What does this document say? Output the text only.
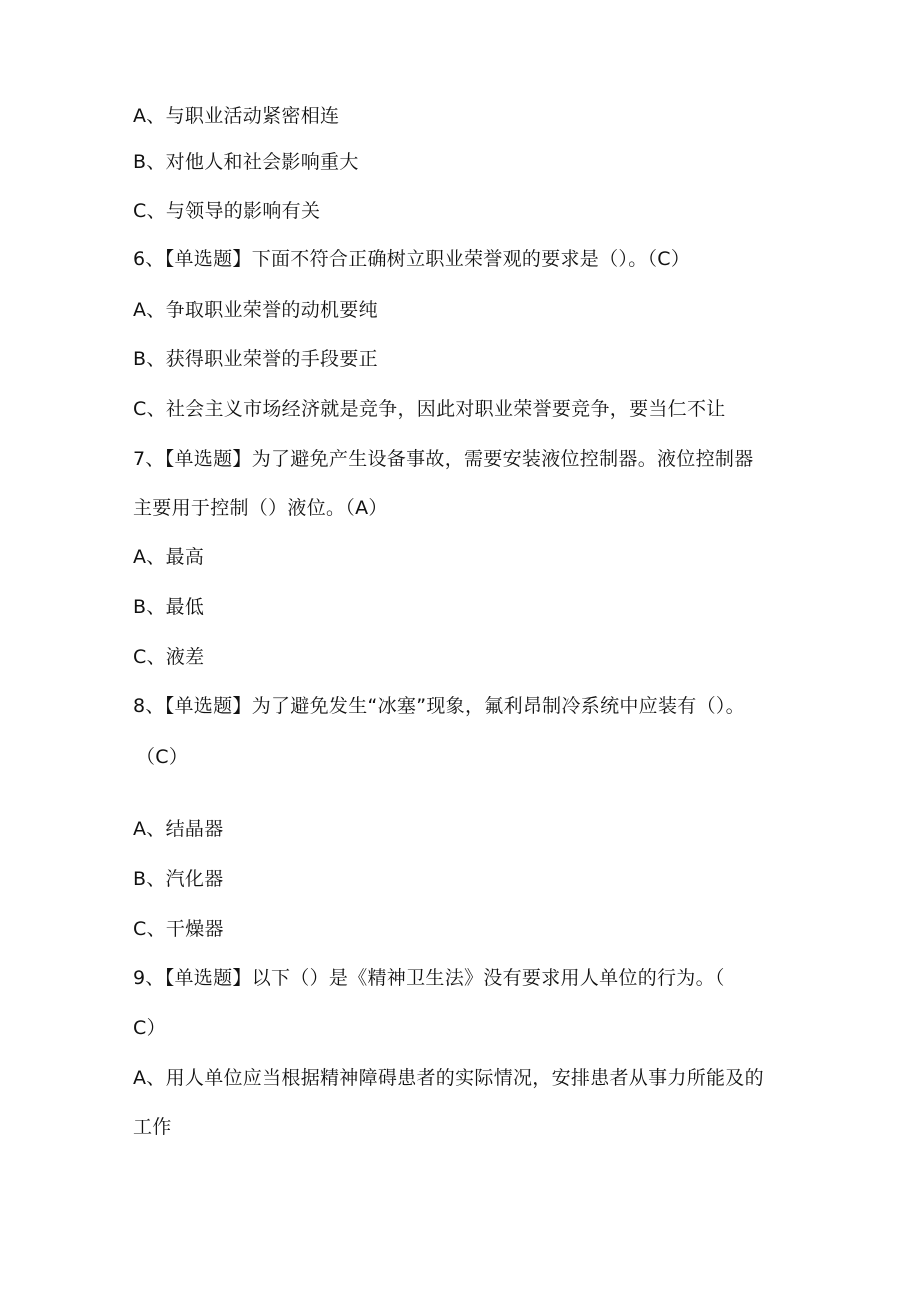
A、与职业活动紧密相连
B、对他人和社会影响重大
C、与领导的影响有关
6、【单选题】下面不符合正确树立职业荣誉观的要求是（）。（C）
A、争取职业荣誉的动机要纯
B、获得职业荣誉的手段要正
C、社会主义市场经济就是竞争，因此对职业荣誉要竞争，要当仁不让
7、【单选题】为了避免产生设备事故，需要安装液位控制器。液位控制器
主要用于控制（）液位。（A）
A、最高
B、最低
C、液差
8、【单选题】为了避免发生“冰塞”现象，氟利昂制冷系统中应装有（）。
（C）
A、结晶器
B、汽化器
C、干燥器
9、【单选题】以下（）是《精神卫生法》没有要求用人单位的行为。（
C）
A、用人单位应当根据精神障碍患者的实际情况，安排患者从事力所能及的
工作
